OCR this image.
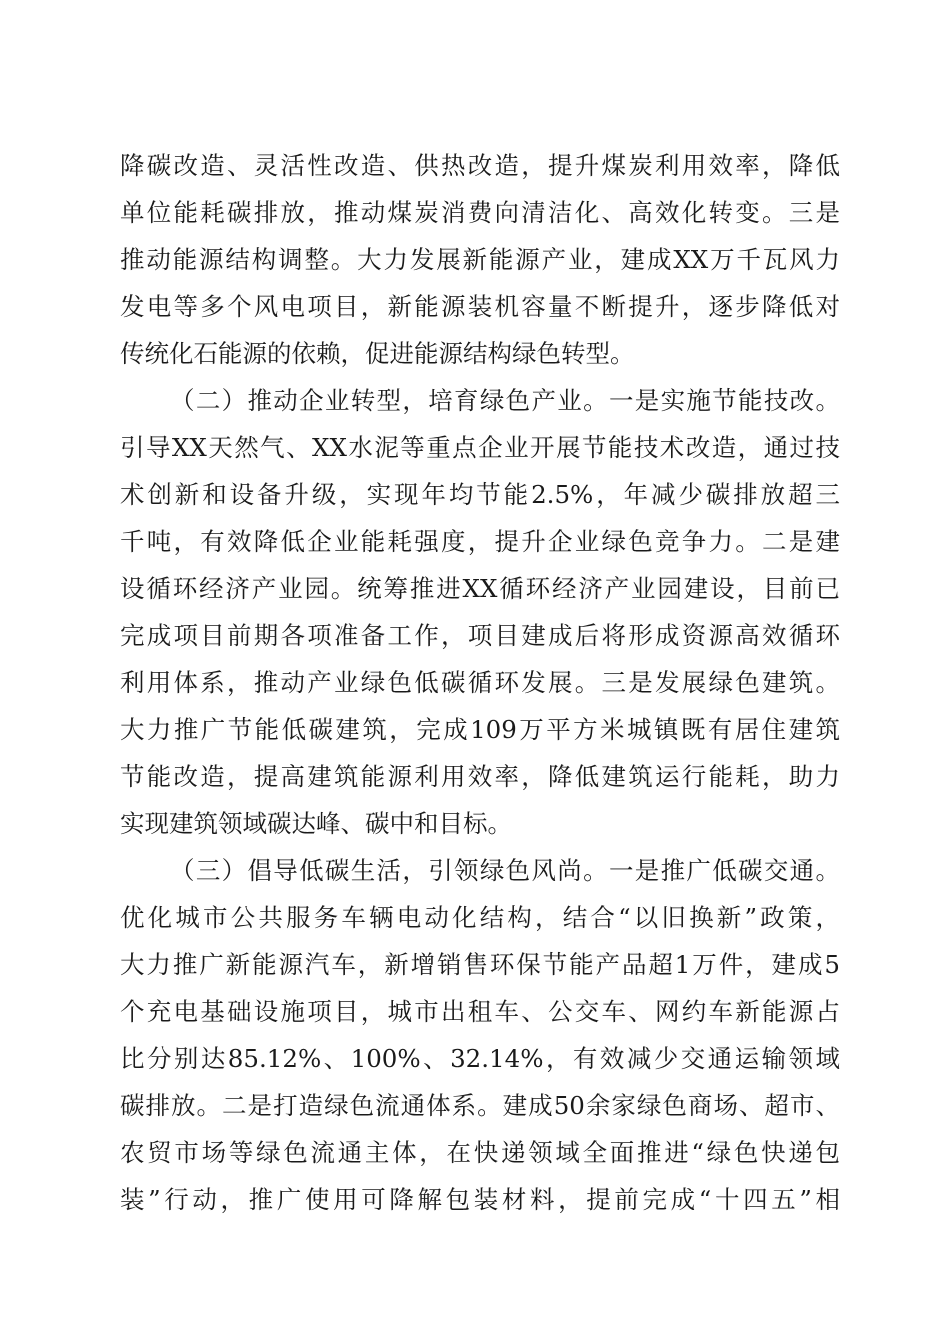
降碳改造、灵活性改造、供热改造，提升煤炭利用效率，降低
单位能耗碳排放，推动煤炭消费向清洁化、高效化转变。三是
推动能源结构调整。大力发展新能源产业，建成XX万千瓦风力
发电等多个风电项目，新能源装机容量不断提升，逐步降低对
传统化石能源的依赖，促进能源结构绿色转型。
（二）推动企业转型，培育绿色产业。一是实施节能技改。
引导XX天然气、XX水泥等重点企业开展节能技术改造，通过技
术创新和设备升级，实现年均节能2.5%，年减少碳排放超三
千吨，有效降低企业能耗强度，提升企业绿色竞争力。二是建
设循环经济产业园。统筹推进XX循环经济产业园建设，目前已
完成项目前期各项准备工作，项目建成后将形成资源高效循环
利用体系，推动产业绿色低碳循环发展。三是发展绿色建筑。
大力推广节能低碳建筑，完成109万平方米城镇既有居住建筑
节能改造，提高建筑能源利用效率，降低建筑运行能耗，助力
实现建筑领域碳达峰、碳中和目标。
（三）倡导低碳生活，引领绿色风尚。一是推广低碳交通。
优化城市公共服务车辆电动化结构，结合“以旧换新”政策，
大力推广新能源汽车，新增销售环保节能产品超1万件，建成5
个充电基础设施项目，城市出租车、公交车、网约车新能源占
比分别达85.12%、100%、32.14%，有效减少交通运输领域
碳排放。二是打造绿色流通体系。建成50余家绿色商场、超市、
农贸市场等绿色流通主体，在快递领域全面推进“绿色快递包
装”行动，推广使用可降解包装材料，提前完成“十四五”相
